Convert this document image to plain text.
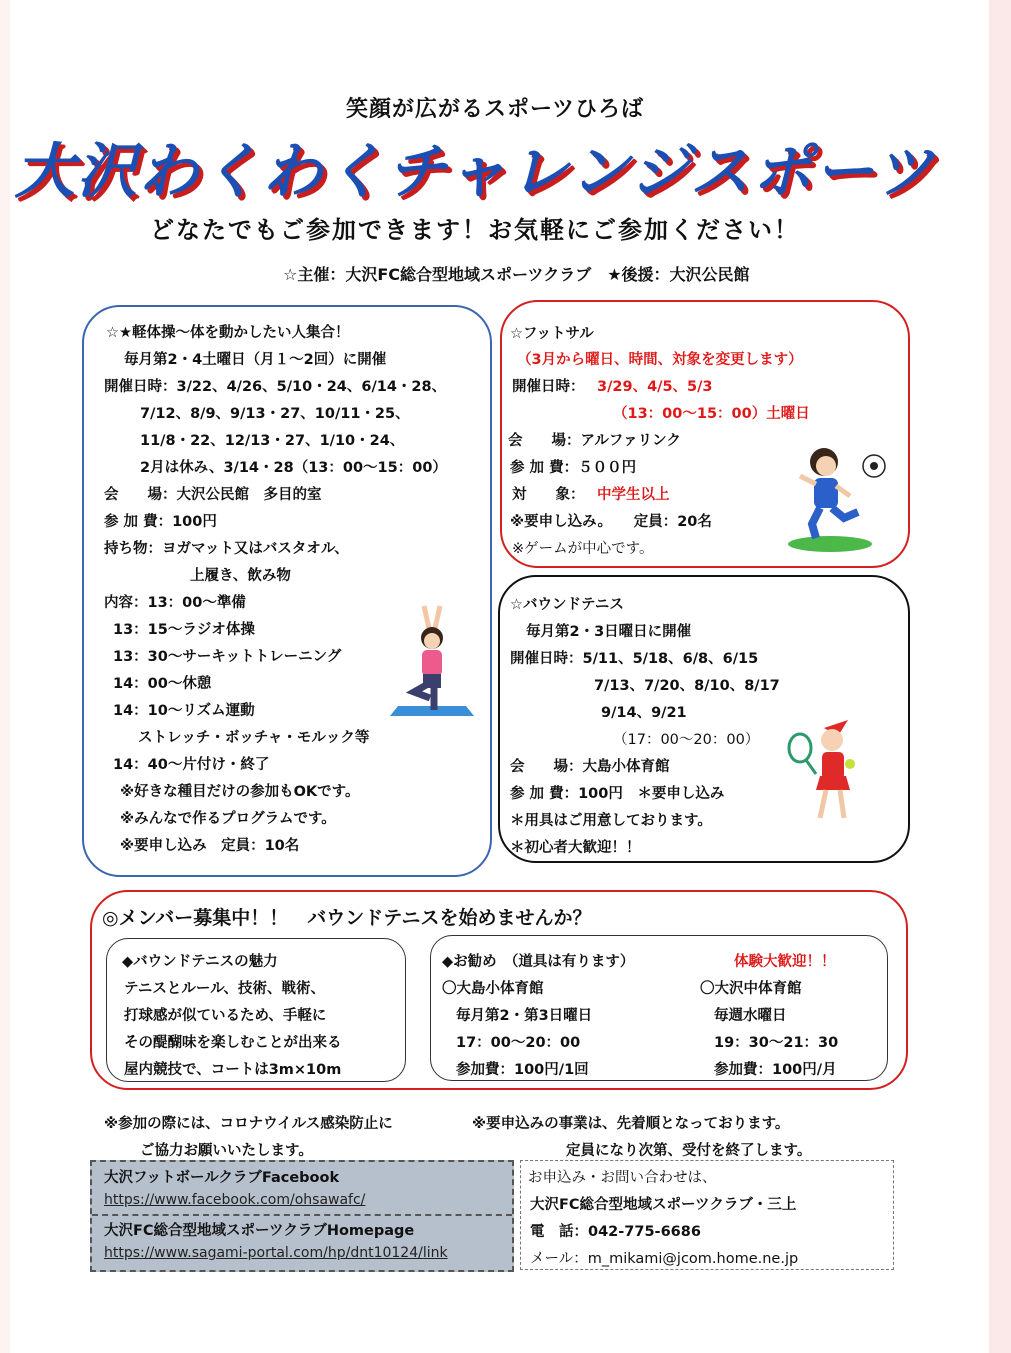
笑顔が広がるスポーツひろば
大沢わくわくチャレンジスポーツ
どなたでもご参加できます！お気軽にご参加ください！
☆主催：大沢FC総合型地域スポーツクラブ　★後援：大沢公民館
☆★軽体操～体を動かしたい人集合！
毎月第2・4土曜日（月１～2回）に開催
開催日時：3/22、4/26、5/10・24、6/14・28、
7/12、8/9、9/13・27、10/11・25、
11/8・22、12/13・27、1/10・24、
2月は休み、3/14・28（13：00～15：00）
会　　場：大沢公民館　多目的室
参 加 費：100円
持ち物：ヨガマット又はバスタオル、
上履き、飲み物
内容：13：00～準備
13：15～ラジオ体操
13：30～サーキットトレーニング
14：00～休憩
14：10～リズム運動
ストレッチ・ボッチャ・モルック等
14：40～片付け・終了
※好きな種目だけの参加もOKです。
※みんなで作るプログラムです。
※要申し込み　定員：10名
☆フットサル
（3月から曜日、時間、対象を変更します）
開催日時： 3/29、4/5、5/3
（13：00～15：00）土曜日
会　　場：アルファリンク
参 加 費：５００円
対　　象： 中学生以上
※要申し込み。　　定員：20名
※ゲームが中心です。
☆バウンドテニス
毎月第2・3日曜日に開催
開催日時：5/11、5/18、6/8、6/15
7/13、7/20、8/10、8/17
9/14、9/21
（17：00～20：00）
会　　場：大島小体育館
参 加 費：100円　＊要申し込み
＊用具はご用意しております。
＊初心者大歓迎！！
◎メンバー募集中！！　バウンドテニスを始めませんか？
◆バウンドテニスの魅力
テニスとルール、技術、戦術、
打球感が似ているため、手軽に
その醍醐味を楽しむことが出来る
屋内競技で、コートは3m×10m
◆お勧め　（道具は有ります）	体験大歓迎！！
〇大島小体育館
毎月第2・第3日曜日
17：00～20：00
参加費：100円/1回
〇大沢中体育館
毎週水曜日
19：30～21：30
参加費：100円/月
※参加の際には、コロナウイルス感染防止に
ご協力お願いいたします。
※要申込みの事業は、先着順となっております。
定員になり次第、受付を終了します。
大沢フットボールクラブFacebook
https://www.facebook.com/ohsawafc/
大沢FC総合型地域スポーツクラブHomepage
https://www.sagami-portal.com/hp/dnt10124/link
お申込み・お問い合わせは、
大沢FC総合型地域スポーツクラブ・三上
電　話：042-775-6686
メール：m_mikami@jcom.home.ne.jp
